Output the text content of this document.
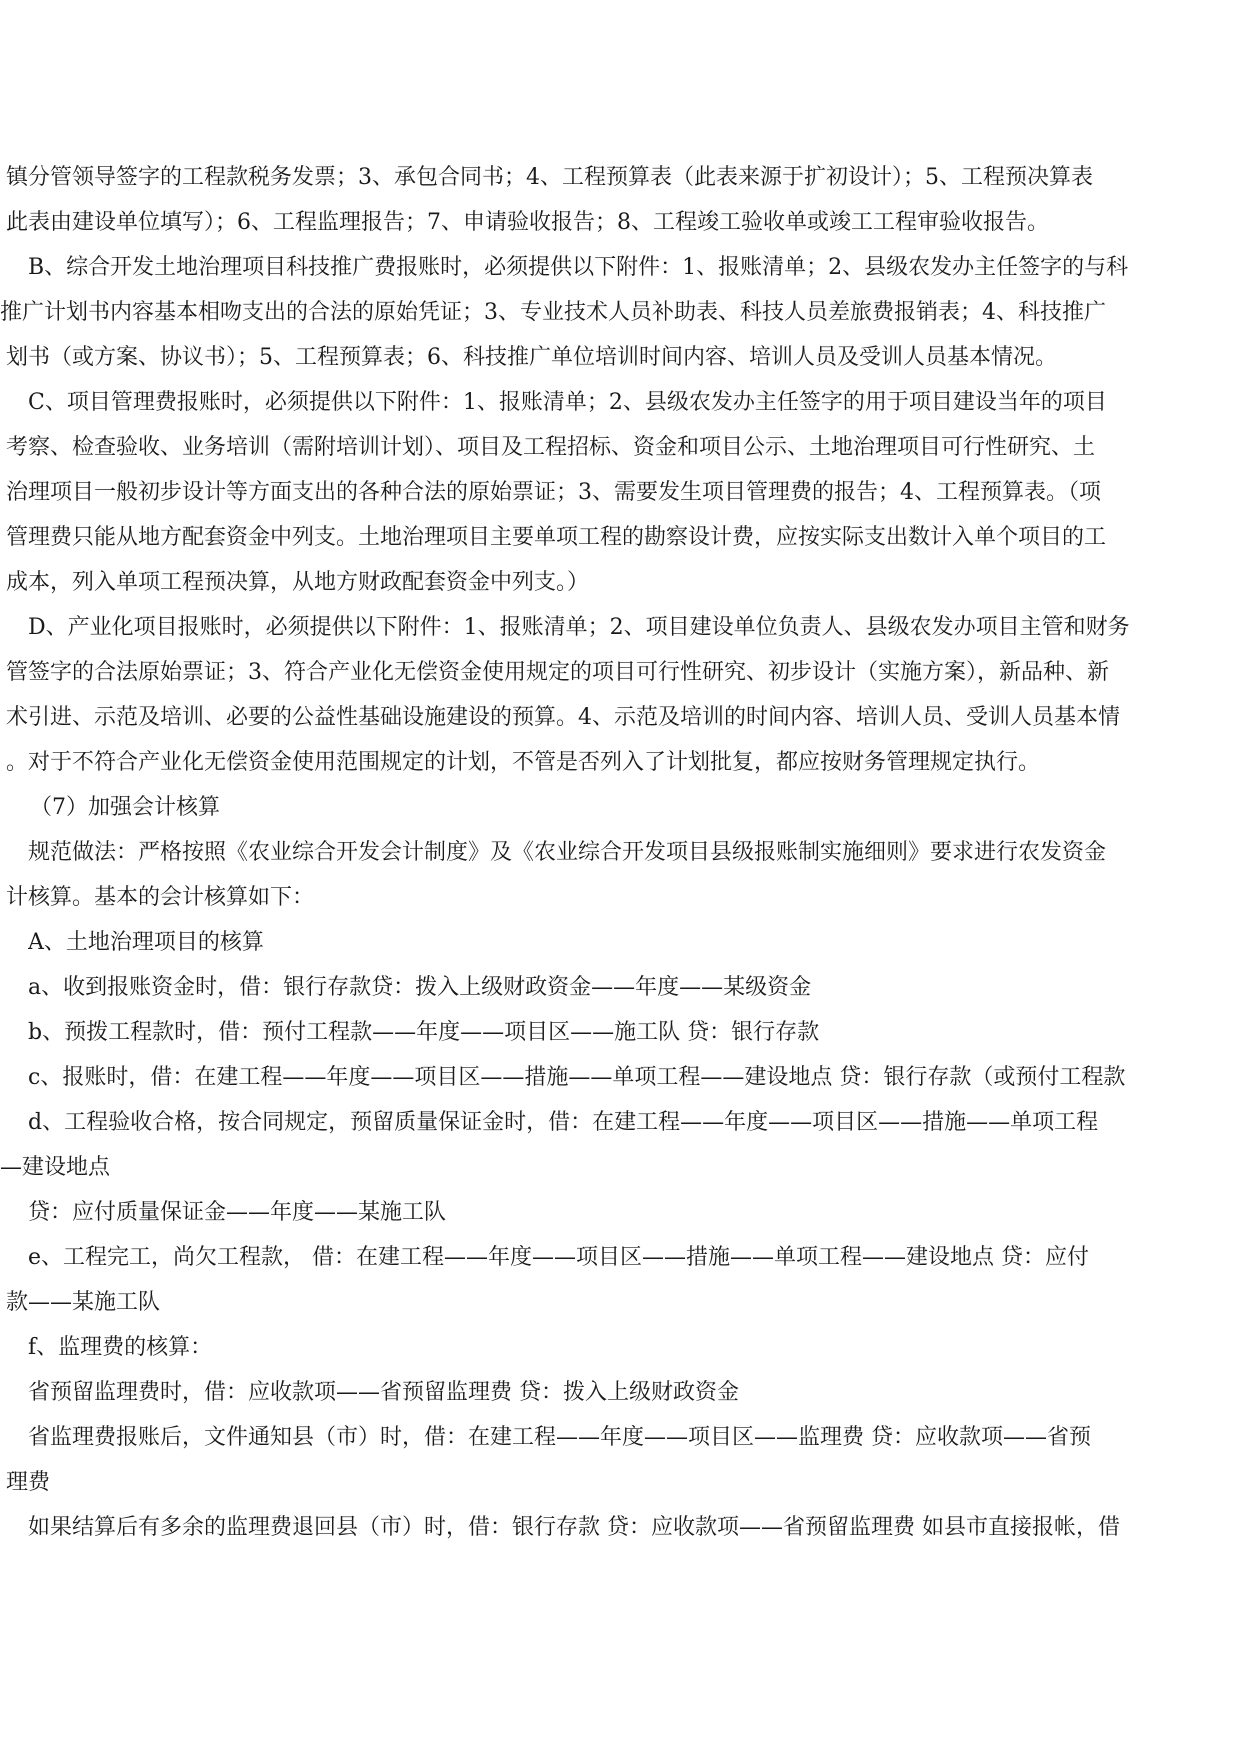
镇分管领导签字的工程款税务发票；3、承包合同书；4、工程预算表（此表来源于扩初设计）；5、工程预决算表
此表由建设单位填写）；6、工程监理报告；7、申请验收报告；8、工程竣工验收单或竣工工程审验收报告。
B、综合开发土地治理项目科技推广费报账时，必须提供以下附件：1、报账清单；2、县级农发办主任签字的与科
推广计划书内容基本相吻支出的合法的原始凭证；3、专业技术人员补助表、科技人员差旅费报销表；4、科技推广
划书（或方案、协议书）；5、工程预算表；6、科技推广单位培训时间内容、培训人员及受训人员基本情况。
C、项目管理费报账时，必须提供以下附件：1、报账清单；2、县级农发办主任签字的用于项目建设当年的项目
考察、检查验收、业务培训（需附培训计划）、项目及工程招标、资金和项目公示、土地治理项目可行性研究、土
治理项目一般初步设计等方面支出的各种合法的原始票证；3、需要发生项目管理费的报告；4、工程预算表。（项
管理费只能从地方配套资金中列支。土地治理项目主要单项工程的勘察设计费，应按实际支出数计入单个项目的工
成本，列入单项工程预决算，从地方财政配套资金中列支。）
D、产业化项目报账时，必须提供以下附件：1、报账清单；2、项目建设单位负责人、县级农发办项目主管和财务
管签字的合法原始票证；3、符合产业化无偿资金使用规定的项目可行性研究、初步设计（实施方案），新品种、新
术引进、示范及培训、必要的公益性基础设施建设的预算。4、示范及培训的时间内容、培训人员、受训人员基本情
。对于不符合产业化无偿资金使用范围规定的计划，不管是否列入了计划批复，都应按财务管理规定执行。
（7）加强会计核算
规范做法：严格按照《农业综合开发会计制度》及《农业综合开发项目县级报账制实施细则》要求进行农发资金
计核算。基本的会计核算如下：
A、土地治理项目的核算
a、收到报账资金时，借：银行存款贷：拨入上级财政资金——年度——某级资金
b、预拨工程款时，借：预付工程款——年度——项目区——施工队 贷：银行存款
c、报账时，借：在建工程——年度——项目区——措施——单项工程——建设地点 贷：银行存款（或预付工程款
d、工程验收合格，按合同规定，预留质量保证金时，借：在建工程——年度——项目区——措施——单项工程
—建设地点
贷：应付质量保证金——年度——某施工队
e、工程完工，尚欠工程款， 借：在建工程——年度——项目区——措施——单项工程——建设地点 贷：应付
款——某施工队
f、监理费的核算：
省预留监理费时，借：应收款项——省预留监理费 贷：拨入上级财政资金
省监理费报账后，文件通知县（市）时，借：在建工程——年度——项目区——监理费 贷：应收款项——省预
理费
如果结算后有多余的监理费退回县（市）时，借：银行存款 贷：应收款项——省预留监理费 如县市直接报帐，借
